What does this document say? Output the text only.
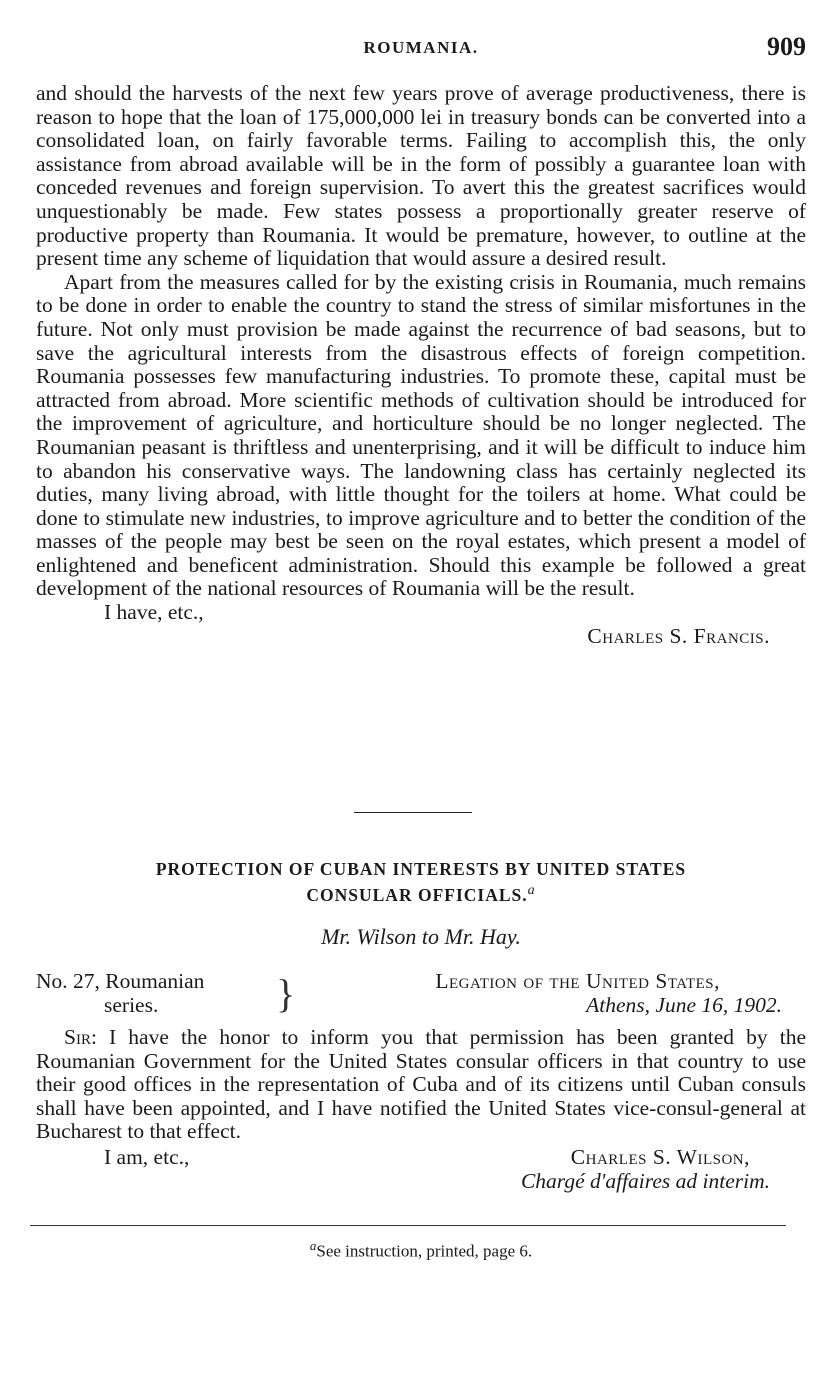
ROUMANIA.	909

and should the harvests of the next few years prove of average productiveness, there is reason to hope that the loan of 175,000,000 lei in treasury bonds can be converted into a consolidated loan, on fairly favorable terms. Failing to accomplish this, the only assistance from abroad available will be in the form of possibly a guarantee loan with conceded revenues and foreign supervision. To avert this the greatest sacrifices would unquestionably be made. Few states possess a proportionally greater reserve of productive property than Roumania. It would be premature, however, to outline at the present time any scheme of liquidation that would assure a desired result.

Apart from the measures called for by the existing crisis in Roumania, much remains to be done in order to enable the country to stand the stress of similar misfortunes in the future. Not only must provision be made against the recurrence of bad seasons, but to save the agricultural interests from the disastrous effects of foreign competition. Roumania possesses few manufacturing industries. To promote these, capital must be attracted from abroad. More scientific methods of cultivation should be introduced for the improvement of agriculture, and horticulture should be no longer neglected. The Roumanian peasant is thriftless and unenterprising, and it will be difficult to induce him to abandon his conservative ways. The landowning class has certainly neglected its duties, many living abroad, with little thought for the toilers at home. What could be done to stimulate new industries, to improve agriculture and to better the condition of the masses of the people may best be seen on the royal estates, which present a model of enlightened and beneficent administration. Should this example be followed a great development of the national resources of Roumania will be the result.

I have, etc.,

Charles S. Francis.

PROTECTION OF CUBAN INTERESTS BY UNITED STATES
CONSULAR OFFICIALS.$^a$
Mr. Wilson to Mr. Hay.
No. 27, Roumanian
series.	}	Legation of the United States,
Athens, June 16, 1902.

Sir: I have the honor to inform you that permission has been granted by the Roumanian Government for the United States consular officers in that country to use their good offices in the representation of Cuba and of its citizens until Cuban consuls shall have been appointed, and I have notified the United States vice-consul-general at Bucharest to that effect.

I am, etc.,	Charles S. Wilson,
Chargé d'affaires ad interim.
$^a$See instruction, printed, page 6.
